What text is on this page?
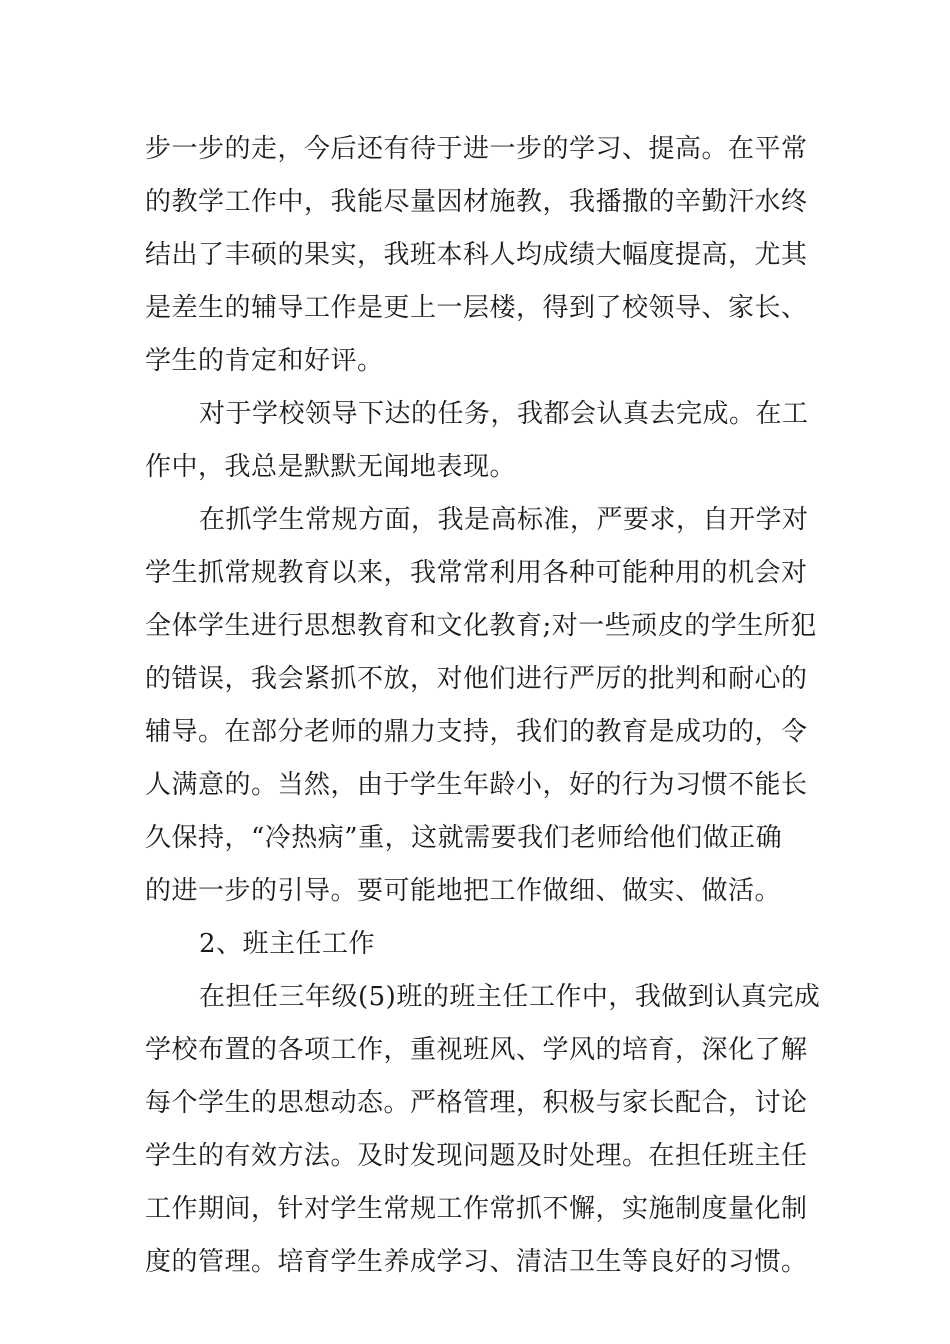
步一步的走，今后还有待于进一步的学习、提高。在平常
的教学工作中，我能尽量因材施教，我播撒的辛勤汗水终
结出了丰硕的果实，我班本科人均成绩大幅度提高，尤其
是差生的辅导工作是更上一层楼，得到了校领导、家长、
学生的肯定和好评。
对于学校领导下达的任务，我都会认真去完成。在工
作中，我总是默默无闻地表现。
在抓学生常规方面，我是高标准，严要求，自开学对
学生抓常规教育以来，我常常利用各种可能种用的机会对
全体学生进行思想教育和文化教育;对一些顽皮的学生所犯
的错误，我会紧抓不放，对他们进行严厉的批判和耐心的
辅导。在部分老师的鼎力支持，我们的教育是成功的，令
人满意的。当然，由于学生年龄小，好的行为习惯不能长
久保持，“冷热病”重，这就需要我们老师给他们做正确
的进一步的引导。要可能地把工作做细、做实、做活。
2、班主任工作
在担任三年级(5)班的班主任工作中，我做到认真完成
学校布置的各项工作，重视班风、学风的培育，深化了解
每个学生的思想动态。严格管理，积极与家长配合，讨论
学生的有效方法。及时发现问题及时处理。在担任班主任
工作期间，针对学生常规工作常抓不懈，实施制度量化制
度的管理。培育学生养成学习、清洁卫生等良好的习惯。
